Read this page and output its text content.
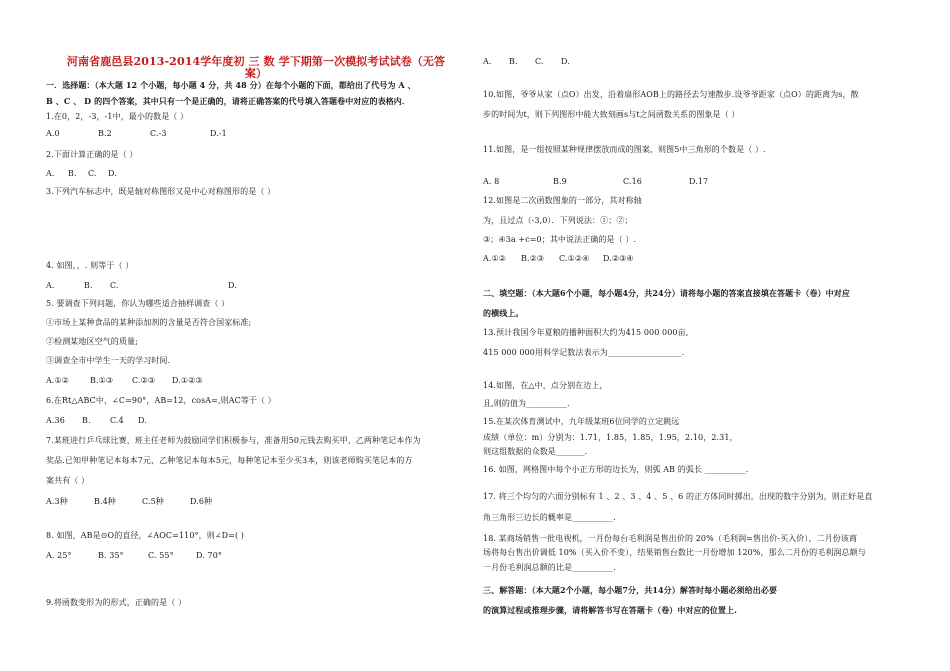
河南省鹿邑县2013-2014学年度初 三 数 学下期第一次模拟考试试卷（无答
案）
一．选择题：（本大题 12 个小题，每小题 4 分，共 48 分）在每个小题的下面，都给出了代号为 A 、
B 、C 、 D 的四个答案，其中只有一个是正确的，请将正确答案的代号填入答题卷中对应的表格内．
1.在0，2，-3，-1中，最小的数是（ ）
A.0	B.2	C.-3	D.-1
2.下面计算正确的是（ ）
A. B. C. D.
3.下列汽车标志中，既是轴对称图形又是中心对称图形的是（ ）
4. 如图，，. 则等于（ ）
A.	B. C.	D.
5. 要调查下列问题，你认为哪些适合抽样调查（ ）
①市场上某种食品的某种添加剂的含量是否符合国家标准;
②检测某地区空气的质量;
③调查全市中学生一天的学习时间.
A.①②	B.①③ C.②③ D.①②③
6.在Rt△ABC中，∠C=90°，AB=12，cosA=,则AC等于（ ）
A.36 B. C.4 D.
7.某班进行乒乓球比赛，班主任老师为鼓励同学们积极参与，准备用50元钱去购买甲、乙两种笔记本作为
奖品.已知甲种笔记本每本7元，乙种笔记本每本5元，每种笔记本至少买3本，则该老师购买笔记本的方
案共有（ ）
A.3种	B.4种	C.5种	D.6种
8. 如图，AB是⊙O的直径，∠AOC=110°，则∠D=( )
A. 25°	B. 35°	C. 55°	D. 70°
9.将函数变形为的形式，正确的是（ ）
A. B. C. D.
10.如图，爷爷从家（点O）出发，沿着扇形AOB上的路径去匀速散步.设爷爷距家（点O）的距离为s，散
步的时间为t，则下列图形中能大致刻画s与t之间函数关系的图象是（ ）
11.如图，是一组按照某种规律摆放而成的图案，则图5中三角形的个数是（ ）.
A. 8	B.9	C.16	D.17
12.如图是二次函数图象的一部分，其对称轴
为，且过点（-3,0）．下列说法：①；②；
③；④3a +c=0；其中说法正确的是（ ）.
A.①② B.②③ C.①②④ D.②③④
二、填空题：（本大题6个小题，每小题4分，共24分）请将每小题的答案直接填在答题卡（卷）中对应
的横线上。
13.预计我国今年夏粮的播种面积大约为415 000 000亩,
415 000 000用科学记数法表示为__________________.
14.如图，在△中，点分别在边上，
且,则的值为__________.
15.在某次体育测试中，九年级某班6位同学的立定跳远
成绩（单位：m）分别为：1.71，1.85，1.85，1.95，2.10，2.31，
则这组数据的众数是_______.
16. 如图，网格图中每个小正方形的边长为，则弧 AB 的弧长 __________.
17. 将三个均匀的六面分别标有 1 、2 、3 、4 、5 、6 的正方体同时掷出，出现的数字分别为，则正好是直
角三角形三边长的概率是__________.
18. 某商场销售一批电视机，一月份每台毛利润是售出价的 20%（毛利润=售出价-买入价），二月份该商
场将每台售出价调低 10%（买入价不变），结果销售台数比一月份增加 120%，那么二月份的毛利润总额与
一月份毛利润总额的比是__________.
三、解答题：（本大题2个小题，每小题7分，共14分）解答时每小题必须给出必要
的演算过程或推理步骤，请将解答书写在答题卡（卷）中对应的位置上.
